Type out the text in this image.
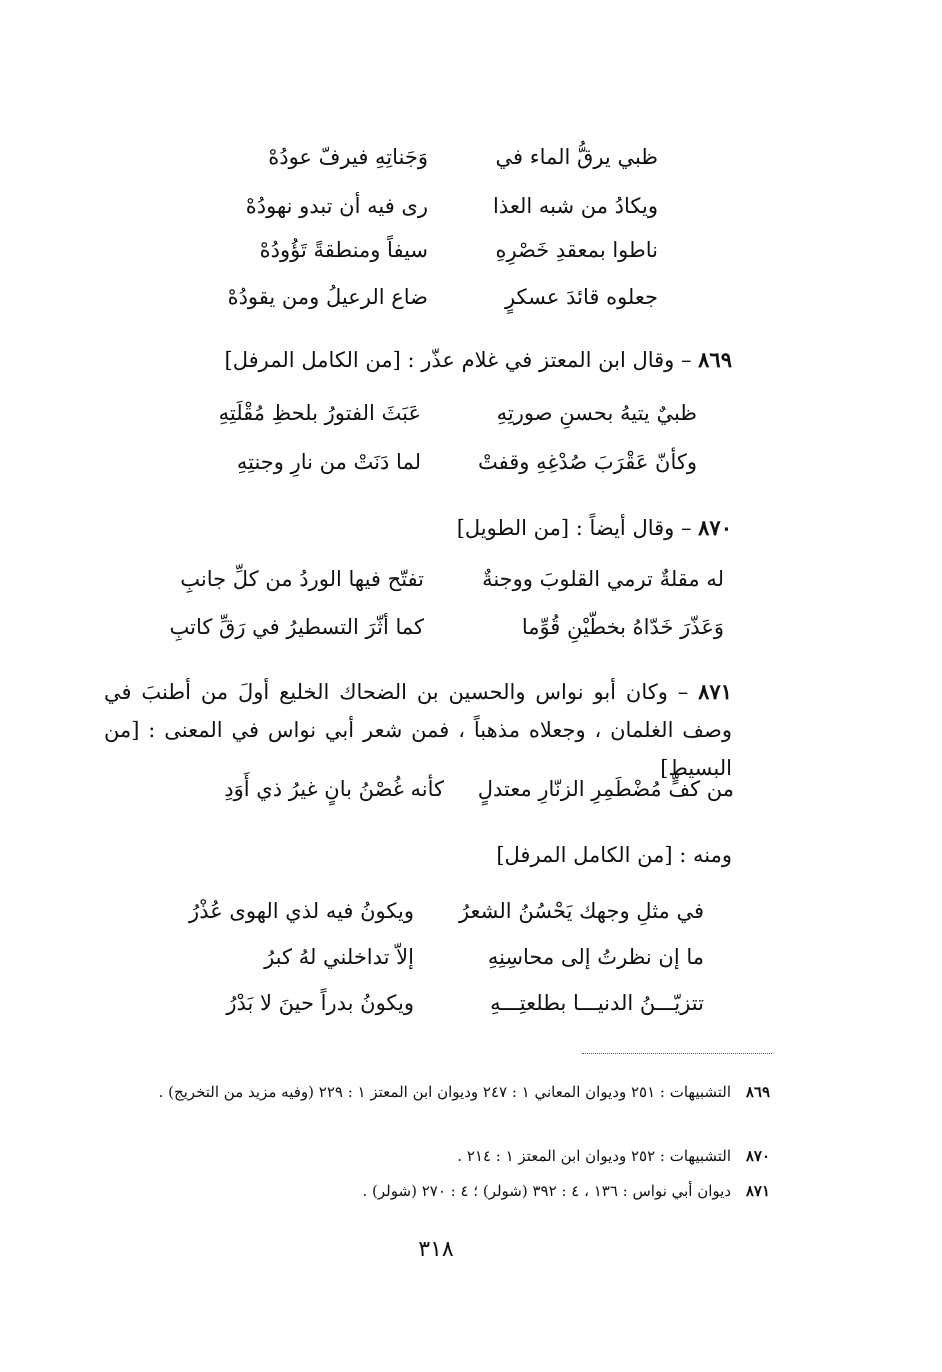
ظبي يرقُّ الماء في
وَجَناتِهِ فيرفّ عودُهْ
ويكادُ من شبه العذا
رى فيه أن تبدو نهودُهْ
ناطوا بمعقدِ خَصْرِهِ
سيفاً ومنطقةً تَؤُودُهْ
جعلوه قائدَ عسكرٍ
ضاع الرعيلُ ومن يقودُهْ
٨٦٩ – وقال ابن المعتز في غلام عذّر : [من الكامل المرفل]
ظبيٌ يتيهُ بحسنِ صورتِهِ
عَبَثَ الفتورُ بلحظِ مُقْلَتِهِ
وكأنّ عَقْرَبَ صُدْغِهِ وقفتْ
لما دَنَتْ من نارِ وجنتِهِ
٨٧٠ – وقال أيضاً : [من الطويل]
له مقلةٌ ترمي القلوبَ ووجنةٌ
تفتّح فيها الوردُ من كلِّ جانبِ
وَعَذّرَ خَدّاهُ بخطّيْنِ قُوِّما
كما أثّرَ التسطيرُ في رَقِّ كاتبِ
٨٧١ – وكان أبو نواس والحسين بن الضحاك الخليع أولَ من أطنبَ في وصف الغلمان ، وجعلاه مذهباً ، فمن شعر أبي نواس في المعنى : [من البسيط]
من كفٍّ مُضْطَمِرِ الزنّارِ معتدلٍ
كأنه غُصْنُ بانٍ غيرُ ذي أَوَدِ
ومنه : [من الكامل المرفل]
في مثلِ وجهك يَحْسُنُ الشعرُ
ويكونُ فيه لذي الهوى عُذْرُ
ما إن نظرتُ إلى محاسِنِهِ
إلاّ تداخلني لهُ كبرُ
تتزيّـــنُ الدنيـــا بطلعتِـــهِ
ويكونُ بدراً حينَ لا بَدْرُ
٨٦٩ التشبيهات : ٢٥١ وديوان المعاني ١ : ٢٤٧ وديوان ابن المعتز ١ : ٢٢٩ (وفيه مزيد من التخريج) .
٨٧٠ التشبيهات : ٢٥٢ وديوان ابن المعتز ١ : ٢١٤ .
٨٧١ ديوان أبي نواس : ١٣٦ ، ٤ : ٣٩٢ (شولر) ؛ ٤ : ٢٧٠ (شولر) .
٣١٨
